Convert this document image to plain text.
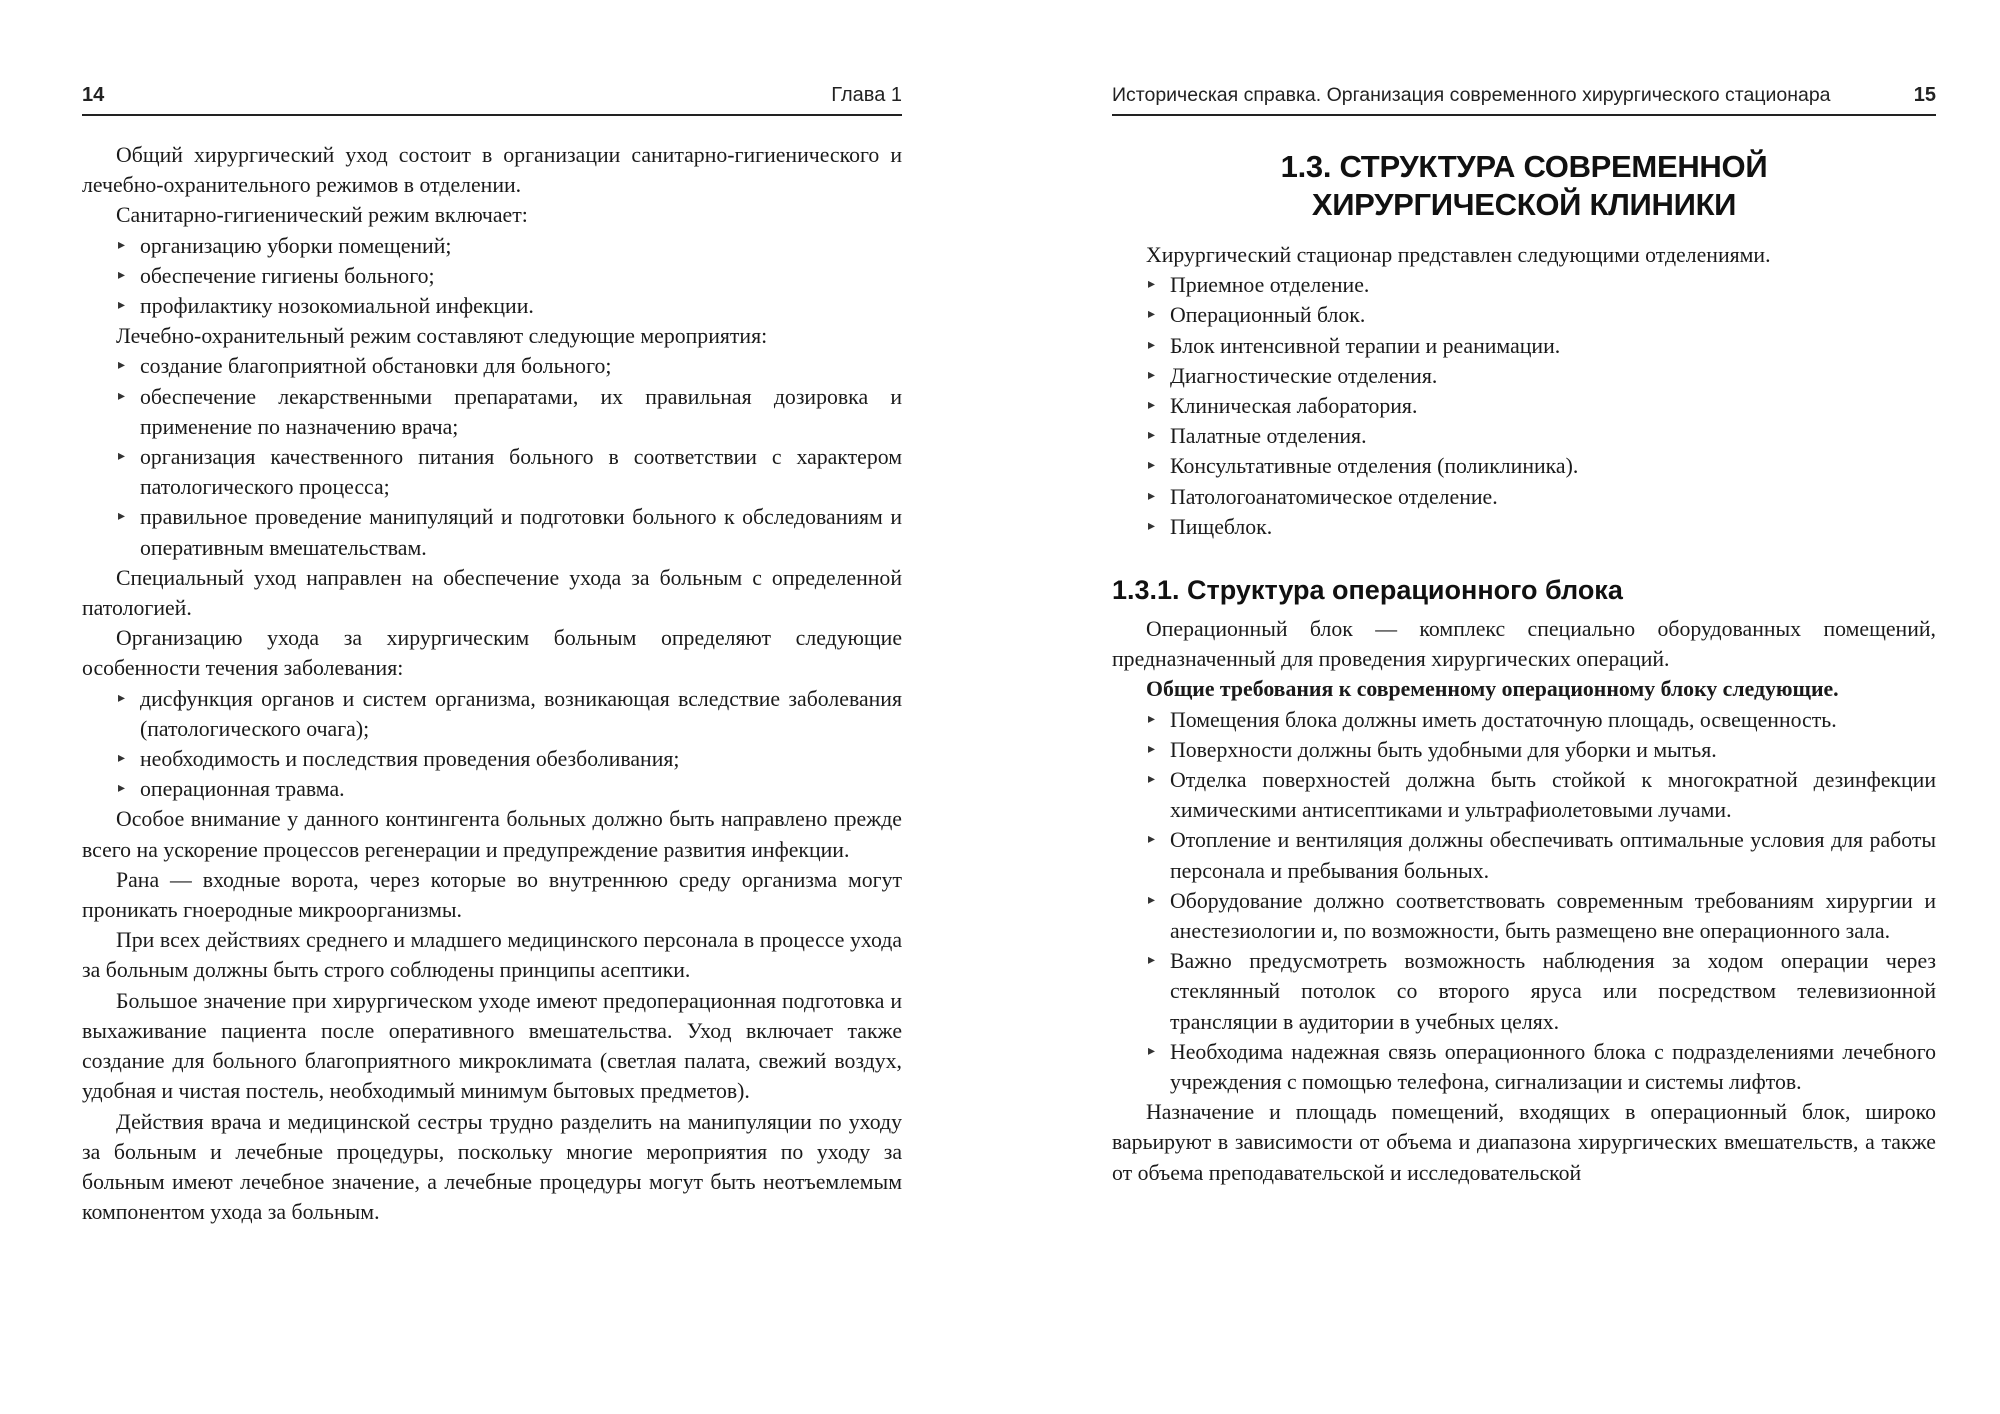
14	Глава 1

Общий хирургический уход состоит в организации санитарно-гигиенического и лечебно-охранительного режимов в отделении.

Санитарно-гигиенический режим включает:

▸ организацию уборки помещений;
▸ обеспечение гигиены больного;
▸ профилактику нозокомиальной инфекции.

Лечебно-охранительный режим составляют следующие мероприятия:

▸ создание благоприятной обстановки для больного;
▸ обеспечение лекарственными препаратами, их правильная дозировка и применение по назначению врача;
▸ организация качественного питания больного в соответствии с характером патологического процесса;
▸ правильное проведение манипуляций и подготовки больного к обследованиям и оперативным вмешательствам.

Специальный уход направлен на обеспечение ухода за больным с определенной патологией.

Организацию ухода за хирургическим больным определяют следующие особенности течения заболевания:

▸ дисфункция органов и систем организма, возникающая вследствие заболевания (патологического очага);
▸ необходимость и последствия проведения обезболивания;
▸ операционная травма.

Особое внимание у данного контингента больных должно быть направлено прежде всего на ускорение процессов регенерации и предупреждение развития инфекции.

Рана — входные ворота, через которые во внутреннюю среду организма могут проникать гноеродные микроорганизмы.

При всех действиях среднего и младшего медицинского персонала в процессе ухода за больным должны быть строго соблюдены принципы асептики.

Большое значение при хирургическом уходе имеют предоперационная подготовка и выхаживание пациента после оперативного вмешательства. Уход включает также создание для больного благоприятного микроклимата (светлая палата, свежий воздух, удобная и чистая постель, необходимый минимум бытовых предметов).

Действия врача и медицинской сестры трудно разделить на манипуляции по уходу за больным и лечебные процедуры, поскольку многие мероприятия по уходу за больным имеют лечебное значение, а лечебные процедуры могут быть неотъемлемым компонентом ухода за больным.

Историческая справка. Организация современного хирургического стационара	15
1.3. СТРУКТУРА СОВРЕМЕННОЙ
ХИРУРГИЧЕСКОЙ КЛИНИКИ

Хирургический стационар представлен следующими отделениями.

▸ Приемное отделение.
▸ Операционный блок.
▸ Блок интенсивной терапии и реанимации.
▸ Диагностические отделения.
▸ Клиническая лаборатория.
▸ Палатные отделения.
▸ Консультативные отделения (поликлиника).
▸ Патологоанатомическое отделение.
▸ Пищеблок.
1.3.1. Структура операционного блока

Операционный блок — комплекс специально оборудованных помещений, предназначенный для проведения хирургических операций.

Общие требования к современному операционному блоку следующие.

▸ Помещения блока должны иметь достаточную площадь, освещенность.
▸ Поверхности должны быть удобными для уборки и мытья.
▸ Отделка поверхностей должна быть стойкой к многократной дезинфекции химическими антисептиками и ультрафиолетовыми лучами.
▸ Отопление и вентиляция должны обеспечивать оптимальные условия для работы персонала и пребывания больных.
▸ Оборудование должно соответствовать современным требованиям хирургии и анестезиологии и, по возможности, быть размещено вне операционного зала.
▸ Важно предусмотреть возможность наблюдения за ходом операции через стеклянный потолок со второго яруса или посредством телевизионной трансляции в аудитории в учебных целях.
▸ Необходима надежная связь операционного блока с подразделениями лечебного учреждения с помощью телефона, сигнализации и системы лифтов.

Назначение и площадь помещений, входящих в операционный блок, широко варьируют в зависимости от объема и диапазона хирургических вмешательств, а также от объема преподавательской и исследовательской
